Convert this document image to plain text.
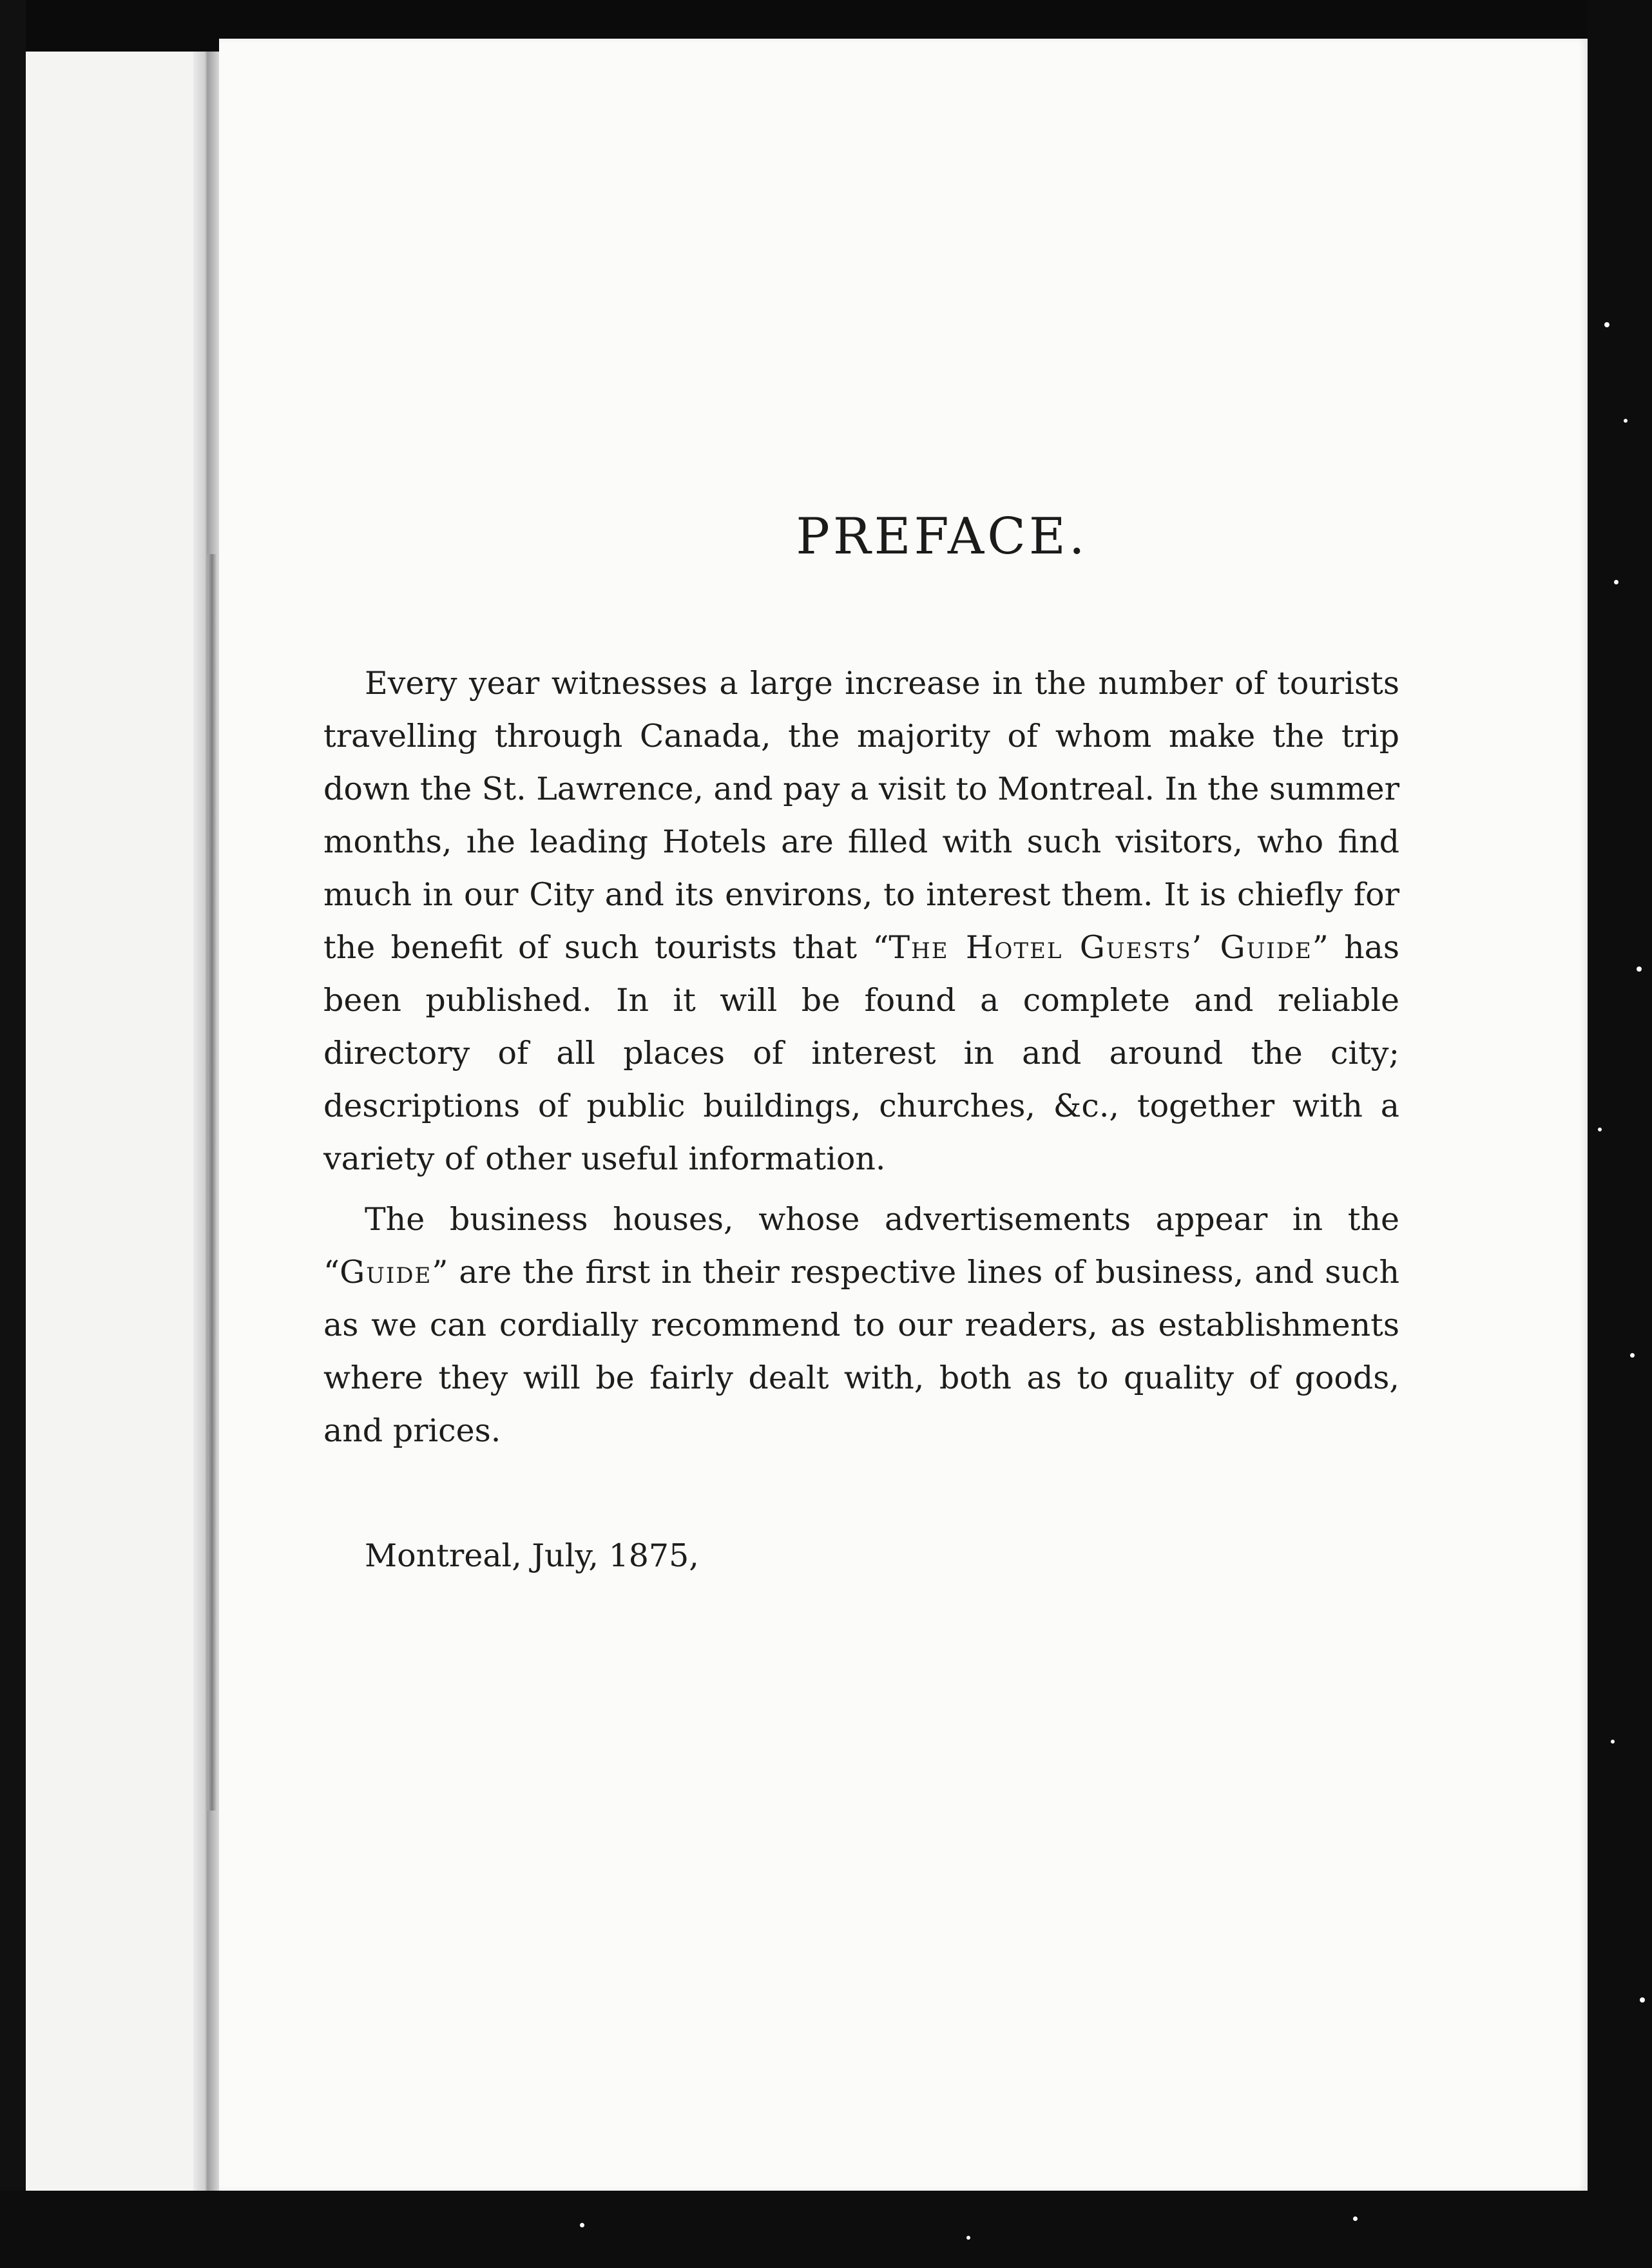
PREFACE.

Every year witnesses a large increase in the number of tourists travelling through Canada, the majority of whom make the trip down the St. Lawrence, and pay a visit to Montreal. In the summer months, ıhe leading Hotels are filled with such visitors, who find much in our City and its environs, to interest them. It is chiefly for the benefit of such tourists that “The Hotel Guests’ Guide” has been published. In it will be found a complete and reliable directory of all places of interest in and around the city; descriptions of public buildings, churches, &c., together with a variety of other useful information.

The business houses, whose advertisements appear in the “Guide” are the first in their respective lines of business, and such as we can cordially recommend to our readers, as establishments where they will be fairly dealt with, both as to quality of goods, and prices.

Montreal, July, 1875,
